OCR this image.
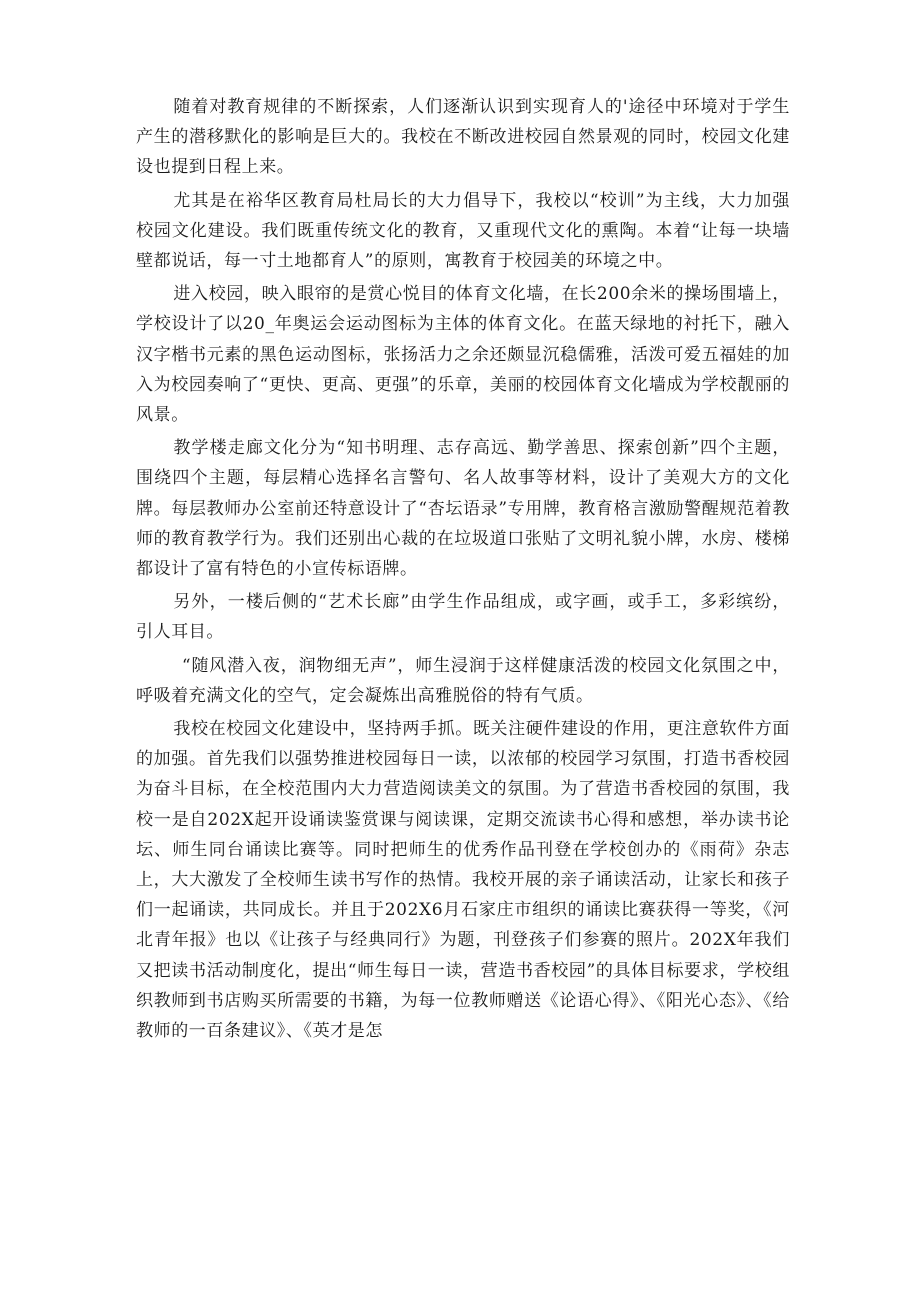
随着对教育规律的不断探索，人们逐渐认识到实现育人的'途径中环境对于学生产生的潜移默化的影响是巨大的。我校在不断改进校园自然景观的同时，校园文化建设也提到日程上来。

尤其是在裕华区教育局杜局长的大力倡导下，我校以“校训”为主线，大力加强校园文化建设。我们既重传统文化的教育，又重现代文化的熏陶。本着“让每一块墙壁都说话，每一寸土地都育人”的原则，寓教育于校园美的环境之中。

进入校园，映入眼帘的是赏心悦目的体育文化墙，在长200余米的操场围墙上，学校设计了以20_年奥运会运动图标为主体的体育文化。在蓝天绿地的衬托下，融入汉字楷书元素的黑色运动图标，张扬活力之余还颇显沉稳儒雅，活泼可爱五福娃的加入为校园奏响了“更快、更高、更强”的乐章，美丽的校园体育文化墙成为学校靓丽的风景。

教学楼走廊文化分为“知书明理、志存高远、勤学善思、探索创新”四个主题，围绕四个主题，每层精心选择名言警句、名人故事等材料，设计了美观大方的文化牌。每层教师办公室前还特意设计了“杏坛语录”专用牌，教育格言激励警醒规范着教师的教育教学行为。我们还别出心裁的在垃圾道口张贴了文明礼貌小牌，水房、楼梯都设计了富有特色的小宣传标语牌。

另外，一楼后侧的“艺术长廊”由学生作品组成，或字画，或手工，多彩缤纷，引人耳目。

“随风潜入夜，润物细无声”，师生浸润于这样健康活泼的校园文化氛围之中，呼吸着充满文化的空气，定会凝炼出高雅脱俗的特有气质。

我校在校园文化建设中，坚持两手抓。既关注硬件建设的作用，更注意软件方面的加强。首先我们以强势推进校园每日一读，以浓郁的校园学习氛围，打造书香校园为奋斗目标，在全校范围内大力营造阅读美文的氛围。为了营造书香校园的氛围，我校一是自202X起开设诵读鉴赏课与阅读课，定期交流读书心得和感想，举办读书论坛、师生同台诵读比赛等。同时把师生的优秀作品刊登在学校创办的《雨荷》杂志上，大大激发了全校师生读书写作的热情。我校开展的亲子诵读活动，让家长和孩子们一起诵读，共同成长。并且于202X6月石家庄市组织的诵读比赛获得一等奖，《河北青年报》也以《让孩子与经典同行》为题，刊登孩子们参赛的照片。202X年我们又把读书活动制度化，提出“师生每日一读，营造书香校园”的具体目标要求，学校组织教师到书店购买所需要的书籍，为每一位教师赠送《论语心得》、《阳光心态》、《给教师的一百条建议》、《英才是怎
